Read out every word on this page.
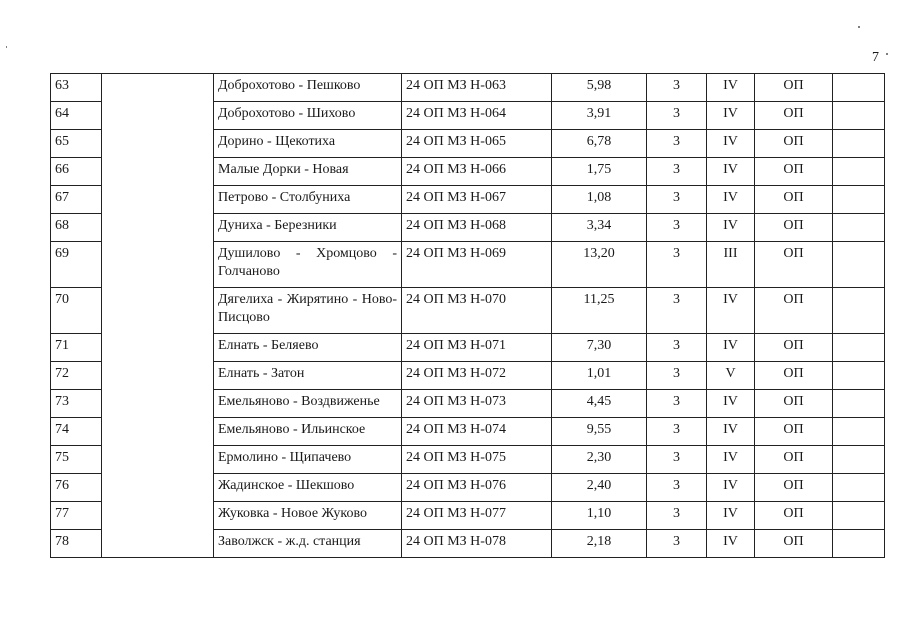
7
63		Доброхотово - Пешково	24 ОП МЗ Н-063	5,98	3	IV	ОП	
64		Доброхотово - Шихово	24 ОП МЗ Н-064	3,91	3	IV	ОП	
65		Дорино - Щекотиха	24 ОП МЗ Н-065	6,78	3	IV	ОП	
66		Малые Дорки - Новая	24 ОП МЗ Н-066	1,75	3	IV	ОП	
67		Петрово - Столбуниха	24 ОП МЗ Н-067	1,08	3	IV	ОП	
68		Дуниха - Березники	24 ОП МЗ Н-068	3,34	3	IV	ОП	
69		Душилово - Хромцово - Голчаново	24 ОП МЗ Н-069	13,20	3	III	ОП	
70		Дягелиха - Жирятино - Ново-Писцово	24 ОП МЗ Н-070	11,25	3	IV	ОП	
71		Елнать - Беляево	24 ОП МЗ Н-071	7,30	3	IV	ОП	
72		Елнать - Затон	24 ОП МЗ Н-072	1,01	3	V	ОП	
73		Емельяново - Воздвиженье	24 ОП МЗ Н-073	4,45	3	IV	ОП	
74		Емельяново - Ильинское	24 ОП МЗ Н-074	9,55	3	IV	ОП	
75		Ермолино - Щипачево	24 ОП МЗ Н-075	2,30	3	IV	ОП	
76		Жадинское - Шекшово	24 ОП МЗ Н-076	2,40	3	IV	ОП	
77		Жуковка - Новое Жуково	24 ОП МЗ Н-077	1,10	3	IV	ОП	
78		Заволжск - ж.д. станция	24 ОП МЗ Н-078	2,18	3	IV	ОП	
